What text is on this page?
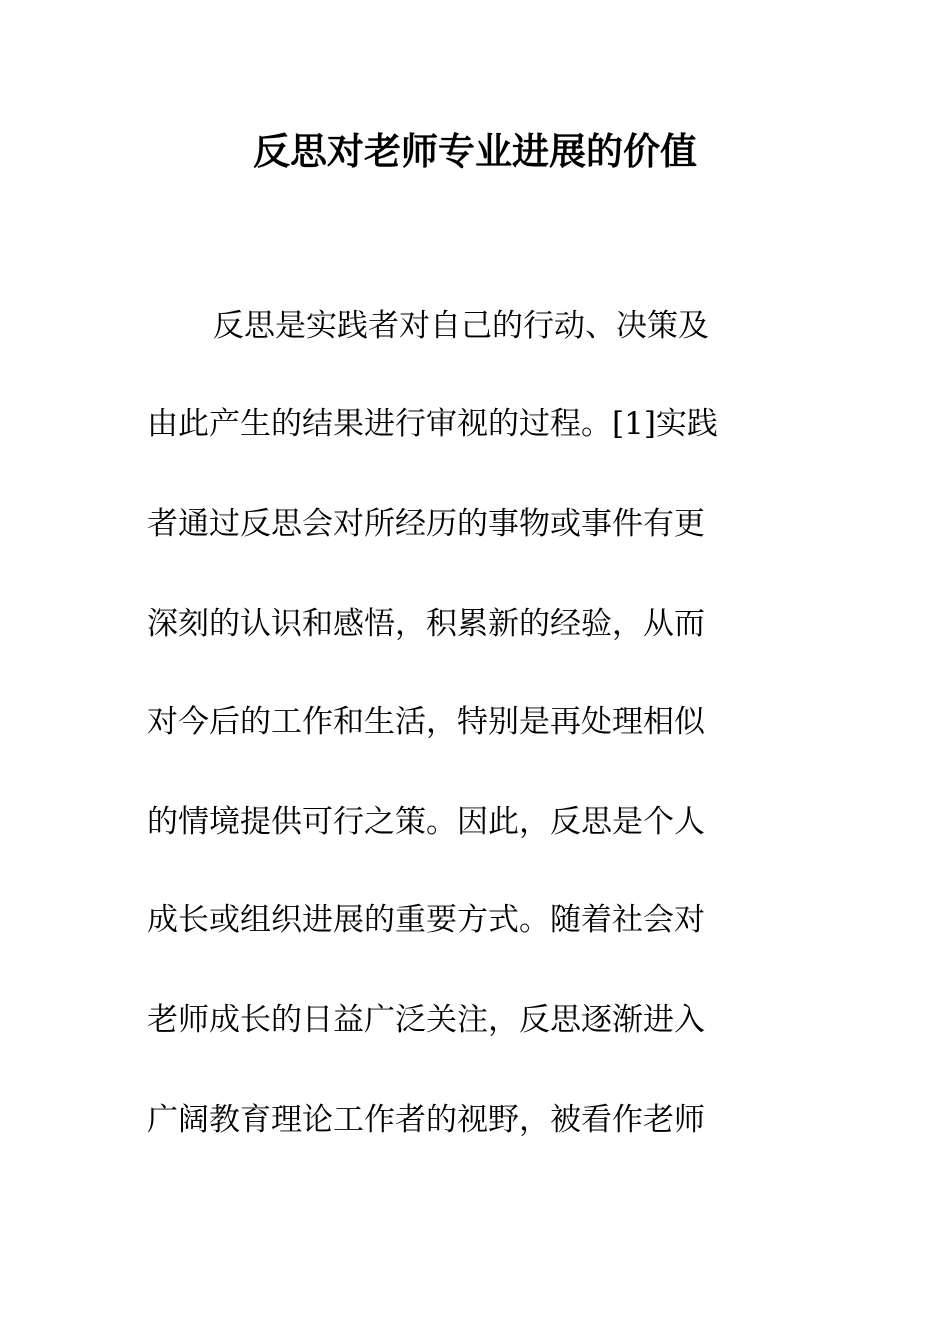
反思对老师专业进展的价值

反思是实践者对自己的行动、决策及

由此产生的结果进行审视的过程。[1]实践

者通过反思会对所经历的事物或事件有更

深刻的认识和感悟，积累新的经验，从而

对今后的工作和生活，特别是再处理相似

的情境提供可行之策。因此，反思是个人

成长或组织进展的重要方式。随着社会对

老师成长的日益广泛关注，反思逐渐进入

广阔教育理论工作者的视野，被看作老师
